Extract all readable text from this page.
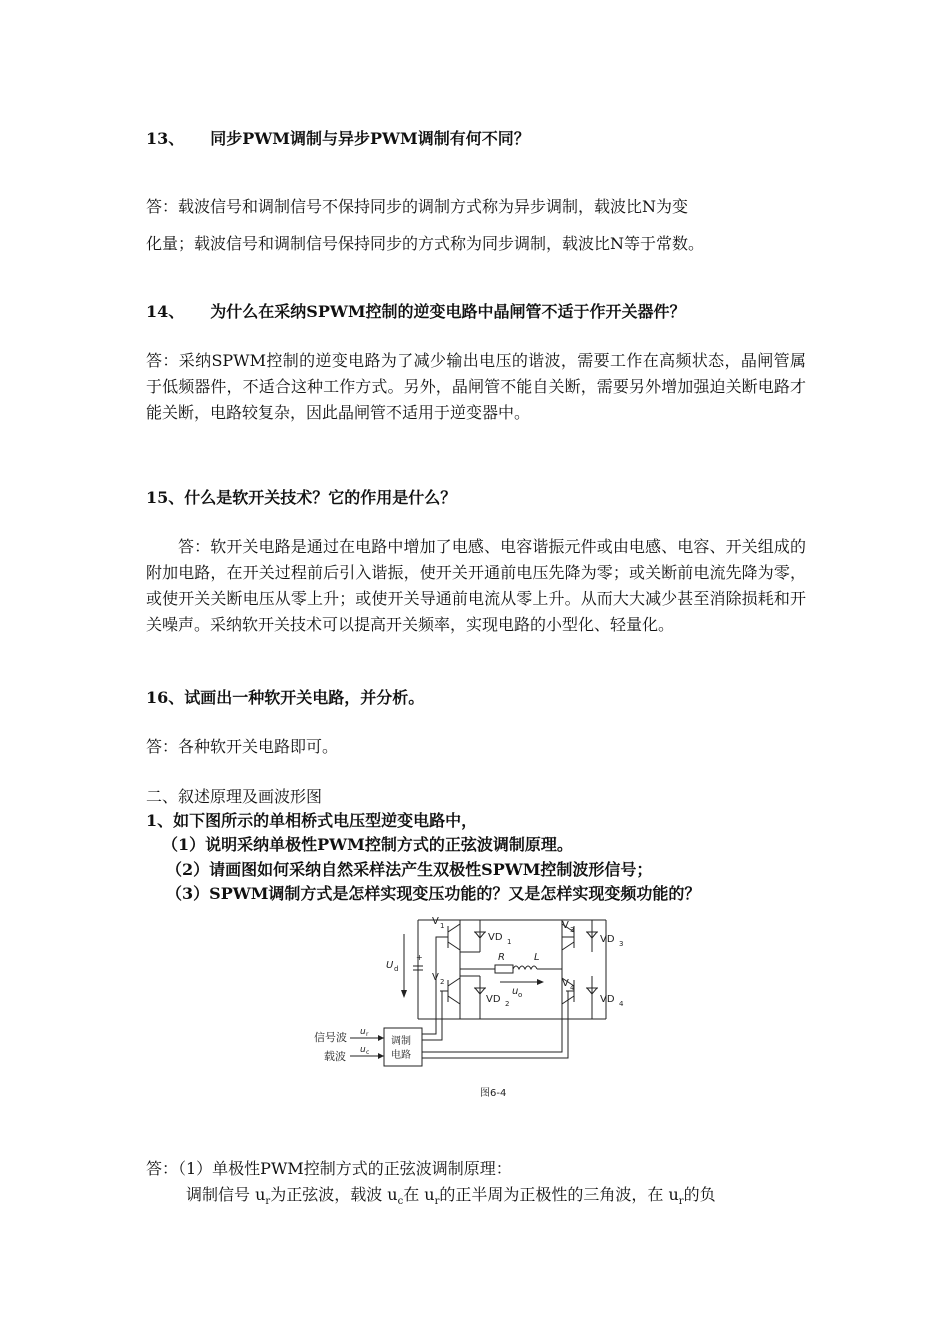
13、 同步PWM调制与异步PWM调制有何不同？
答：载波信号和调制信号不保持同步的调制方式称为异步调制，载波比N为变
化量；载波信号和调制信号保持同步的方式称为同步调制，载波比N等于常数。
14、 为什么在采纳SPWM控制的逆变电路中晶闸管不适于作开关器件？
答：采纳SPWM控制的逆变电路为了减少输出电压的谐波，需要工作在高频状态，晶闸管属于低频器件，不适合这种工作方式。另外，晶闸管不能自关断，需要另外增加强迫关断电路才能关断，电路较复杂，因此晶闸管不适用于逆变器中。
15、什么是软开关技术？它的作用是什么？
答：软开关电路是通过在电路中增加了电感、电容谐振元件或由电感、电容、开关组成的附加电路，在开关过程前后引入谐振，使开关开通前电压先降为零；或关断前电流先降为零，或使开关关断电压从零上升；或使开关导通前电流从零上升。从而大大减少甚至消除损耗和开关噪声。采纳软开关技术可以提高开关频率，实现电路的小型化、轻量化。
16、试画出一种软开关电路，并分析。
答：各种软开关电路即可。
二、叙述原理及画波形图
1、如下图所示的单相桥式电压型逆变电路中，
（1）说明采纳单极性PWM控制方式的正弦波调制原理。
（2）请画图如何采纳自然采样法产生双极性SPWM控制波形信号；
（3）SPWM调制方式是怎样实现变压功能的？又是怎样实现变频功能的？
U d
+
V 1
VD 1
V 2
VD 2
V 3
VD 3
V 4
VD 4
R	L
u o
信号波
载波
u r
u c
调制
电路
图6-4
答：（1）单极性PWM控制方式的正弦波调制原理：
调制信号 $u_r$为正弦波，载波 $u_c$在 $u_r$的正半周为正极性的三角波，在 $u_r$的负
